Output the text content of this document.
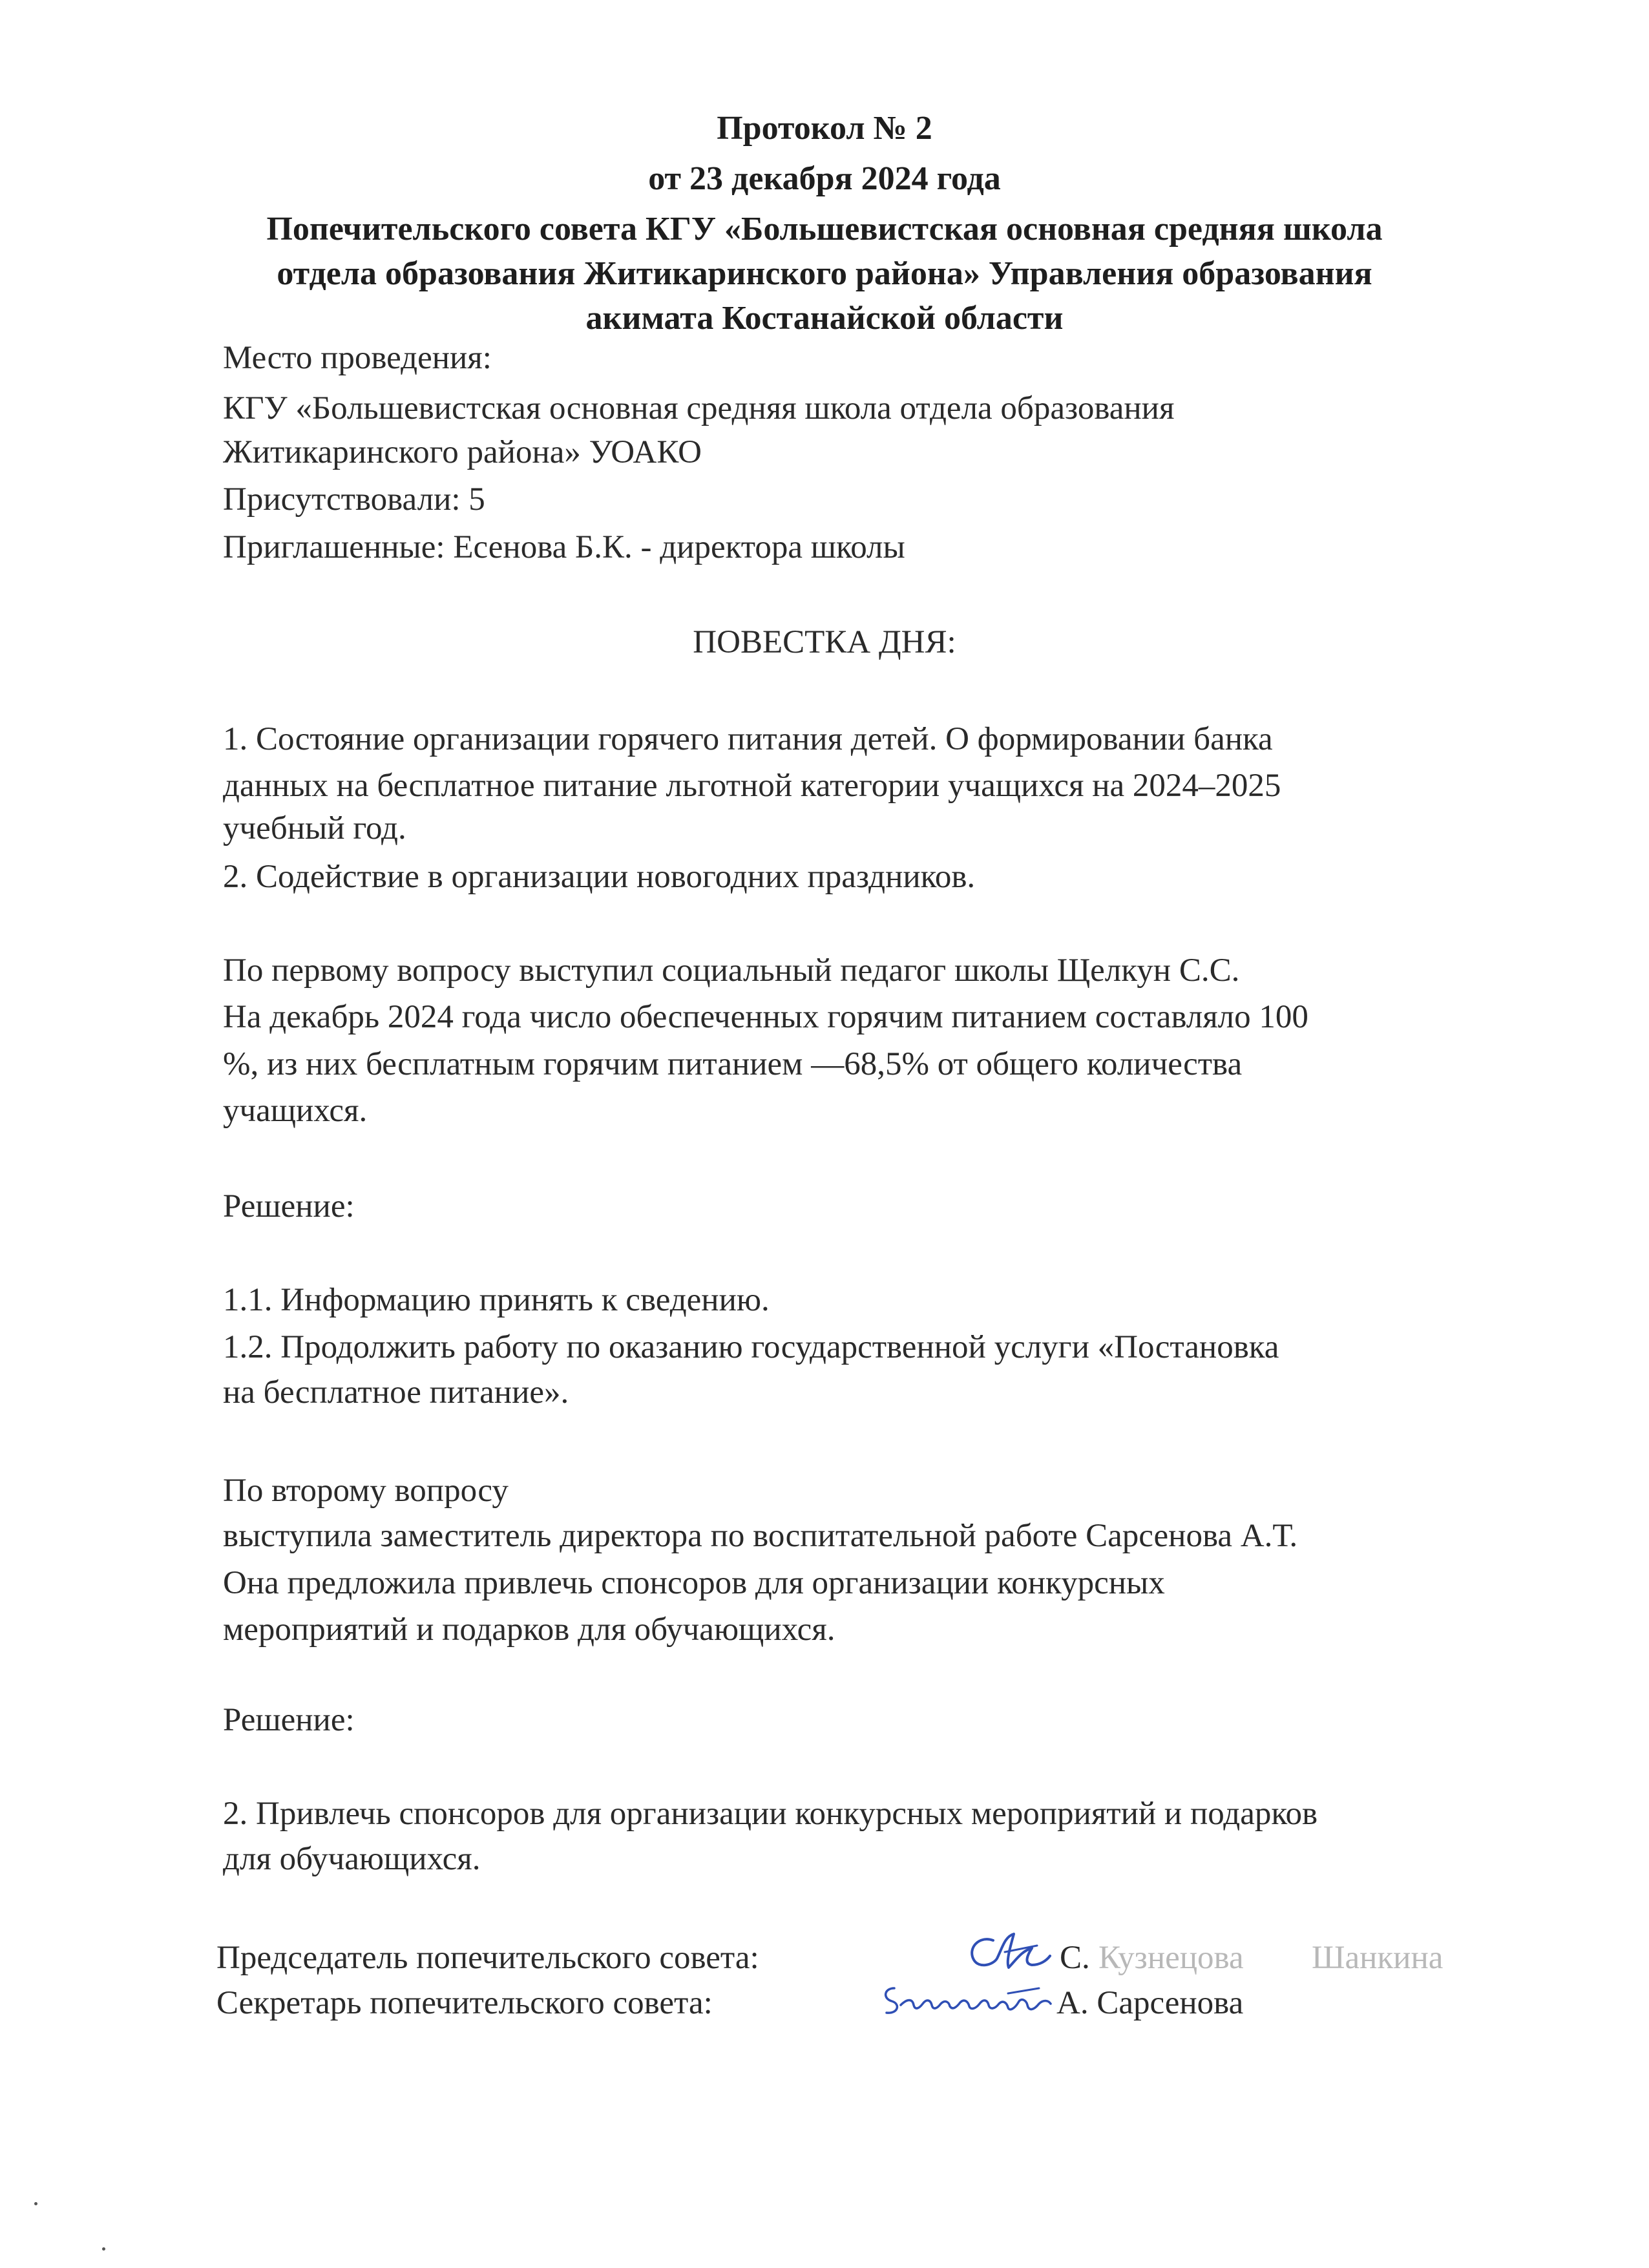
Протокол № 2
от 23 декабря 2024 года
Попечительского совета КГУ «Большевистская основная средняя школа
отдела образования Житикаринского района» Управления образования
акимата Костанайской области
Место проведения:
КГУ «Большевистская основная средняя школа отдела образования
Житикаринского района» УОАКО
Присутствовали: 5
Приглашенные: Есенова Б.К. - директора школы
ПОВЕСТКА ДНЯ:
1. Состояние организации горячего питания детей. О формировании банка
данных на бесплатное питание льготной категории учащихся на 2024–2025
учебный год.
2. Содействие в организации новогодних праздников.
По первому вопросу выступил социальный педагог школы Щелкун С.С.
На декабрь 2024 года число обеспеченных горячим питанием составляло 100
%, из них бесплатным горячим питанием —68,5% от общего количества
учащихся.
Решение:
1.1. Информацию принять к сведению.
1.2. Продолжить работу по оказанию государственной услуги «Постановка
на бесплатное питание».
По второму вопросу
выступила заместитель директора по воспитательной работе Сарсенова А.Т.
Она предложила привлечь спонсоров для организации конкурсных
мероприятий и подарков для обучающихся.
Решение:
2. Привлечь спонсоров для организации конкурсных мероприятий и подарков
для обучающихся.
Председатель попечительского совета:	С. Кузнецова Шанкина
Секретарь попечительского совета:	А. Сарсенова
